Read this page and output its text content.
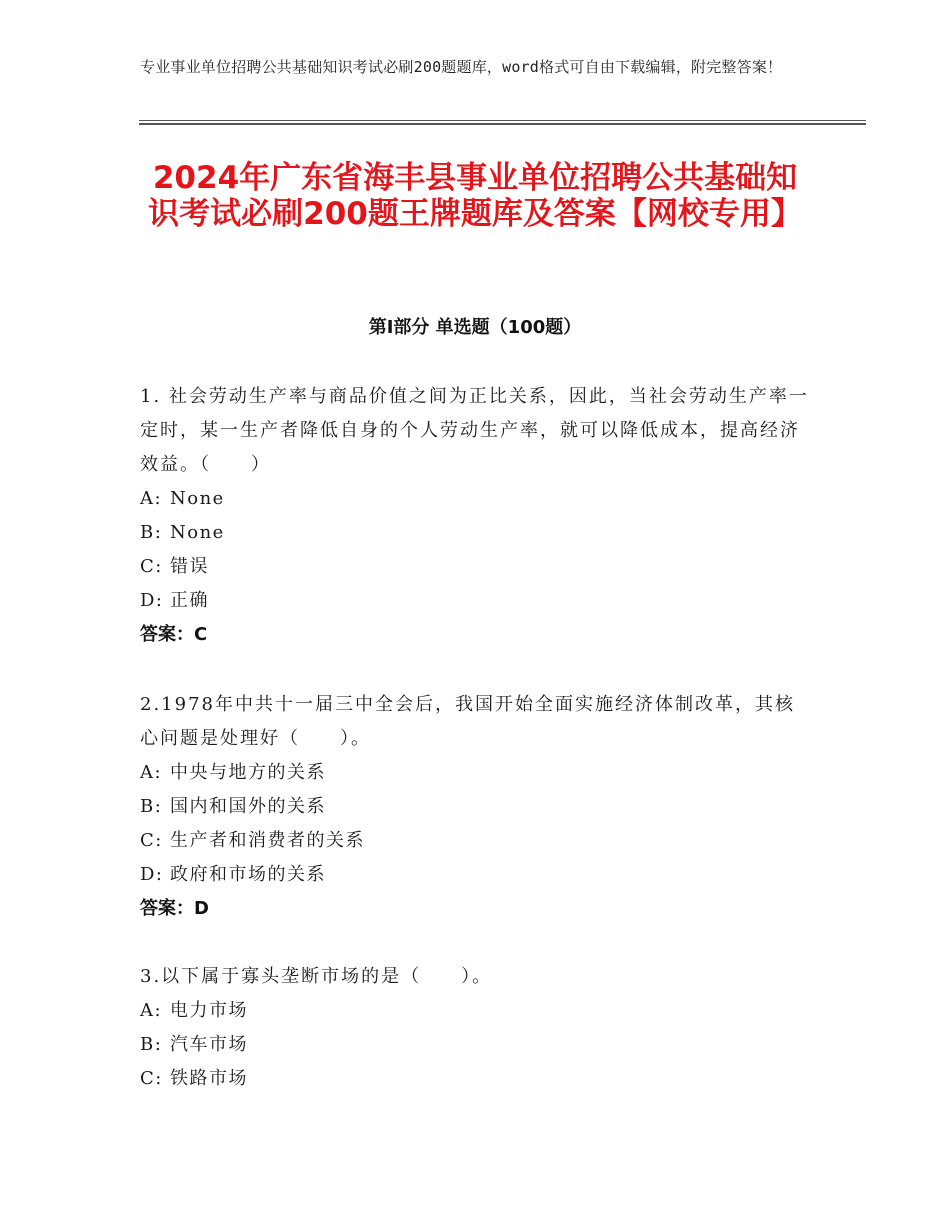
专业事业单位招聘公共基础知识考试必刷200题题库，word格式可自由下载编辑，附完整答案！
2024年广东省海丰县事业单位招聘公共基础知识考试必刷200题王牌题库及答案【网校专用】
第Ⅰ部分 单选题（100题）
1. 社会劳动生产率与商品价值之间为正比关系，因此，当社会劳动生产率一定时，某一生产者降低自身的个人劳动生产率，就可以降低成本，提高经济效益。（　　）
A: None
B: None
C: 错误
D: 正确
答案：C
2.1978年中共十一届三中全会后，我国开始全面实施经济体制改革，其核心问题是处理好（　　）。
A: 中央与地方的关系
B: 国内和国外的关系
C: 生产者和消费者的关系
D: 政府和市场的关系
答案：D
3.以下属于寡头垄断市场的是（　　）。
A: 电力市场
B: 汽车市场
C: 铁路市场
